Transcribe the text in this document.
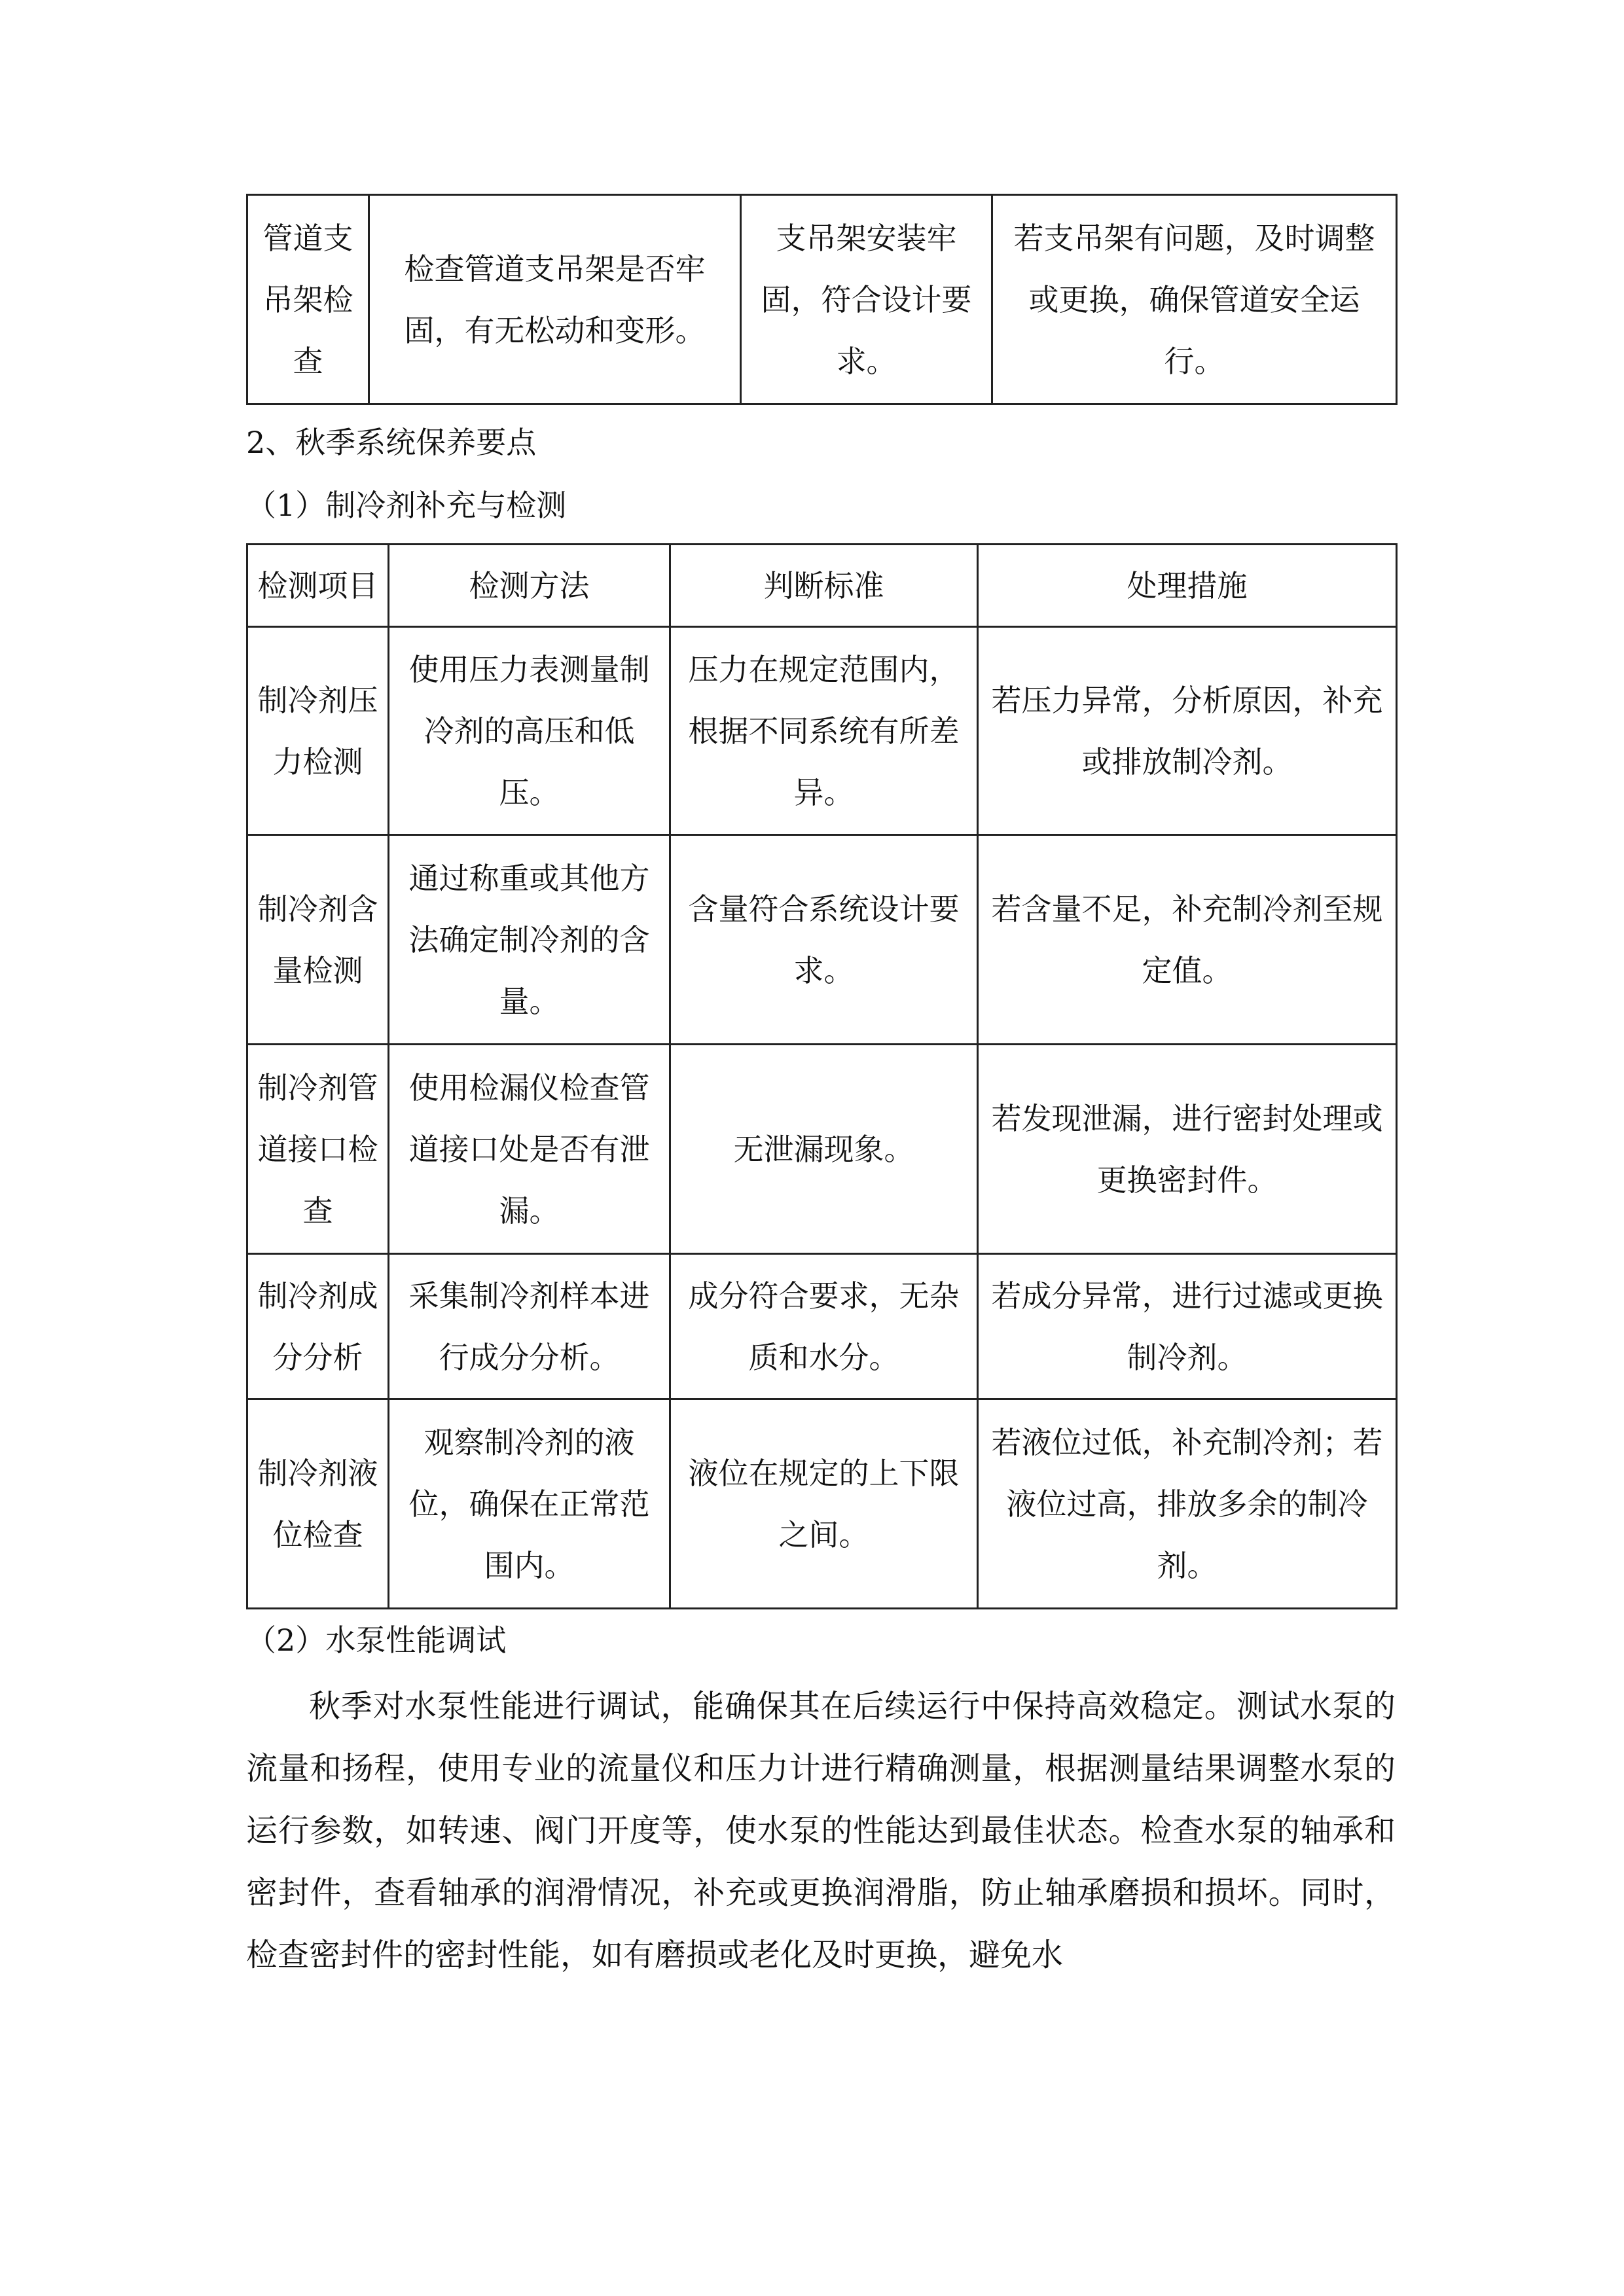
管道支吊架检查	检查管道支吊架是否牢固，有无松动和变形。	支吊架安装牢固，符合设计要求。	若支吊架有问题，及时调整或更换，确保管道安全运行。
2、秋季系统保养要点
（1）制冷剂补充与检测
检测项目	检测方法	判断标准	处理措施
制冷剂压力检测	使用压力表测量制冷剂的高压和低压。	压力在规定范围内，根据不同系统有所差异。	若压力异常，分析原因，补充或排放制冷剂。
制冷剂含量检测	通过称重或其他方法确定制冷剂的含量。	含量符合系统设计要求。	若含量不足，补充制冷剂至规定值。
制冷剂管道接口检查	使用检漏仪检查管道接口处是否有泄漏。	无泄漏现象。	若发现泄漏，进行密封处理或更换密封件。
制冷剂成分分析	采集制冷剂样本进行成分分析。	成分符合要求，无杂质和水分。	若成分异常，进行过滤或更换制冷剂。
制冷剂液位检查	观察制冷剂的液位，确保在正常范围内。	液位在规定的上下限之间。	若液位过低，补充制冷剂；若液位过高，排放多余的制冷剂。
（2）水泵性能调试

秋季对水泵性能进行调试，能确保其在后续运行中保持高效稳定。测试水泵的流量和扬程，使用专业的流量仪和压力计进行精确测量，根据测量结果调整水泵的运行参数，如转速、阀门开度等，使水泵的性能达到最佳状态。检查水泵的轴承和密封件，查看轴承的润滑情况，补充或更换润滑脂，防止轴承磨损和损坏。同时，检查密封件的密封性能，如有磨损或老化及时更换，避免水
